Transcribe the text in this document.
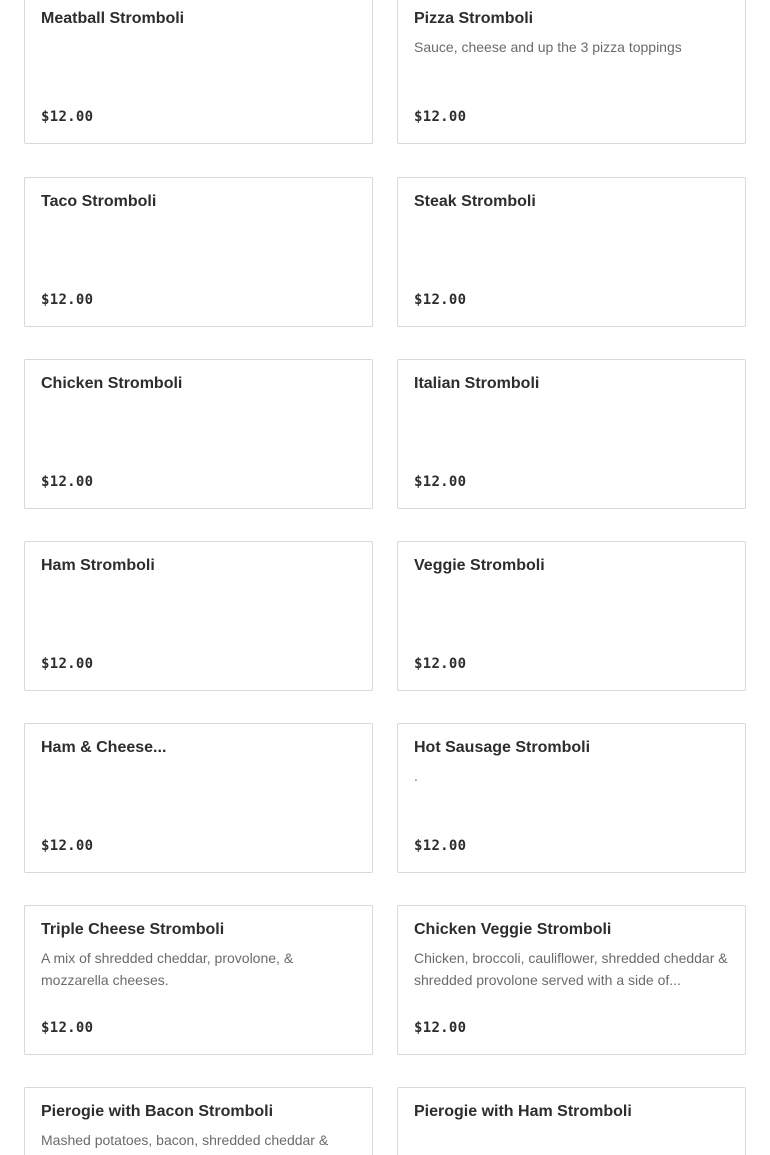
Meatball Stromboli
$12.00
Pizza Stromboli
Sauce, cheese and up the 3 pizza toppings
$12.00
Taco Stromboli
$12.00
Steak Stromboli
$12.00
Chicken Stromboli
$12.00
Italian Stromboli
$12.00
Ham Stromboli
$12.00
Veggie Stromboli
$12.00
Ham & Cheese...
$12.00
Hot Sausage Stromboli
.
$12.00
Triple Cheese Stromboli
A mix of shredded cheddar, provolone, & mozzarella cheeses.
$12.00
Chicken Veggie Stromboli
Chicken, broccoli, cauliflower, shredded cheddar & shredded provolone served with a side of...
$12.00
Pierogie with Bacon Stromboli
Mashed potatoes, bacon, shredded cheddar &
Pierogie with Ham Stromboli
